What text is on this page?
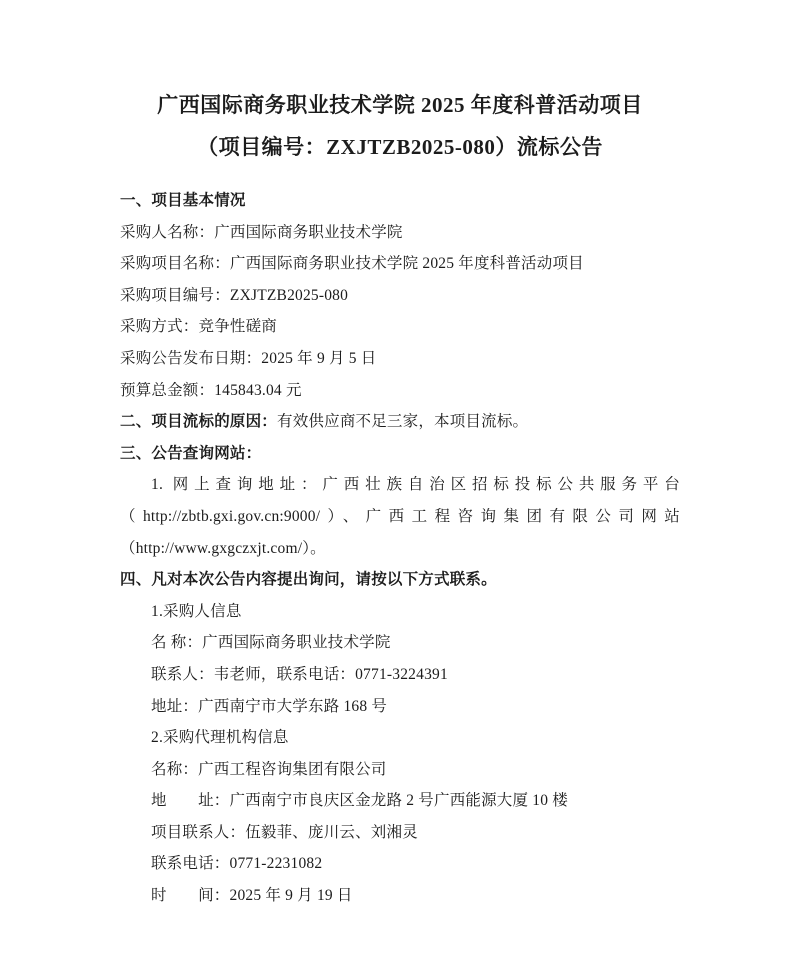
广西国际商务职业技术学院 2025 年度科普活动项目
（项目编号：ZXJTZB2025-080）流标公告

一、项目基本情况

采购人名称：广西国际商务职业技术学院

采购项目名称：广西国际商务职业技术学院 2025 年度科普活动项目

采购项目编号：ZXJTZB2025-080

采购方式：竞争性磋商

采购公告发布日期：2025 年 9 月 5 日

预算总金额：145843.04 元

二、项目流标的原因：有效供应商不足三家，本项目流标。

三、公告查询网站：

1. 网上查询地址：广西壮族自治区招标投标公共服务平台

（http://zbtb.gxi.gov.cn:9000/）、广西工程咨询集团有限公司网站

（http://www.gxgczxjt.com/）。

四、凡对本次公告内容提出询问，请按以下方式联系。

1.采购人信息

名 称：广西国际商务职业技术学院

联系人：韦老师，联系电话：0771-3224391

地址：广西南宁市大学东路 168 号

2.采购代理机构信息

名称：广西工程咨询集团有限公司

地　　址：广西南宁市良庆区金龙路 2 号广西能源大厦 10 楼

项目联系人：伍毅菲、庞川云、刘湘灵

联系电话：0771-2231082

时　　间：2025 年 9 月 19 日
